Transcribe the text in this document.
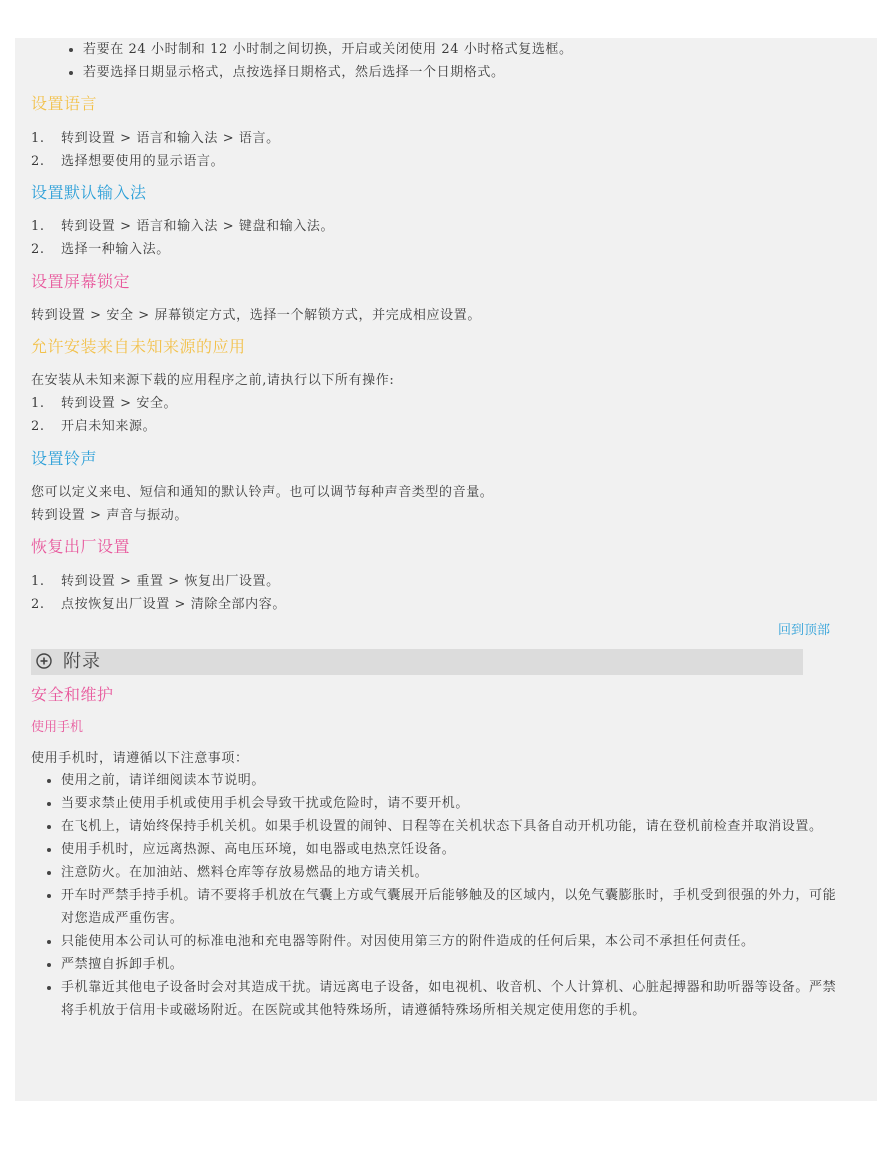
若要在 24 小时制和 12 小时制之间切换，开启或关闭使用 24 小时格式复选框。
若要选择日期显示格式，点按选择日期格式，然后选择一个日期格式。
设置语言
1. 转到设置 > 语言和输入法 > 语言。
2. 选择想要使用的显示语言。
设置默认输入法
1. 转到设置 > 语言和输入法 > 键盘和输入法。
2. 选择一种输入法。
设置屏幕锁定
转到设置 > 安全 > 屏幕锁定方式，选择一个解锁方式，并完成相应设置。
允许安装来自未知来源的应用
在安装从未知来源下载的应用程序之前,请执行以下所有操作:
1. 转到设置 > 安全。
2. 开启未知来源。
设置铃声
您可以定义来电、短信和通知的默认铃声。也可以调节每种声音类型的音量。
转到设置 > 声音与振动。
恢复出厂设置
1. 转到设置 > 重置 > 恢复出厂设置。
2. 点按恢复出厂设置 > 清除全部内容。
回到顶部
附录
安全和维护
使用手机
使用手机时，请遵循以下注意事项：
使用之前，请详细阅读本节说明。
当要求禁止使用手机或使用手机会导致干扰或危险时，请不要开机。
在飞机上，请始终保持手机关机。如果手机设置的闹钟、日程等在关机状态下具备自动开机功能，请在登机前检查并取消设置。
使用手机时，应远离热源、高电压环境，如电器或电热烹饪设备。
注意防火。在加油站、燃料仓库等存放易燃品的地方请关机。
开车时严禁手持手机。请不要将手机放在气囊上方或气囊展开后能够触及的区域内，以免气囊膨胀时，手机受到很强的外力，可能对您造成严重伤害。
只能使用本公司认可的标准电池和充电器等附件。对因使用第三方的附件造成的任何后果，本公司不承担任何责任。
严禁擅自拆卸手机。
手机靠近其他电子设备时会对其造成干扰。请远离电子设备，如电视机、收音机、个人计算机、心脏起搏器和助听器等设备。严禁将手机放于信用卡或磁场附近。在医院或其他特殊场所，请遵循特殊场所相关规定使用您的手机。
